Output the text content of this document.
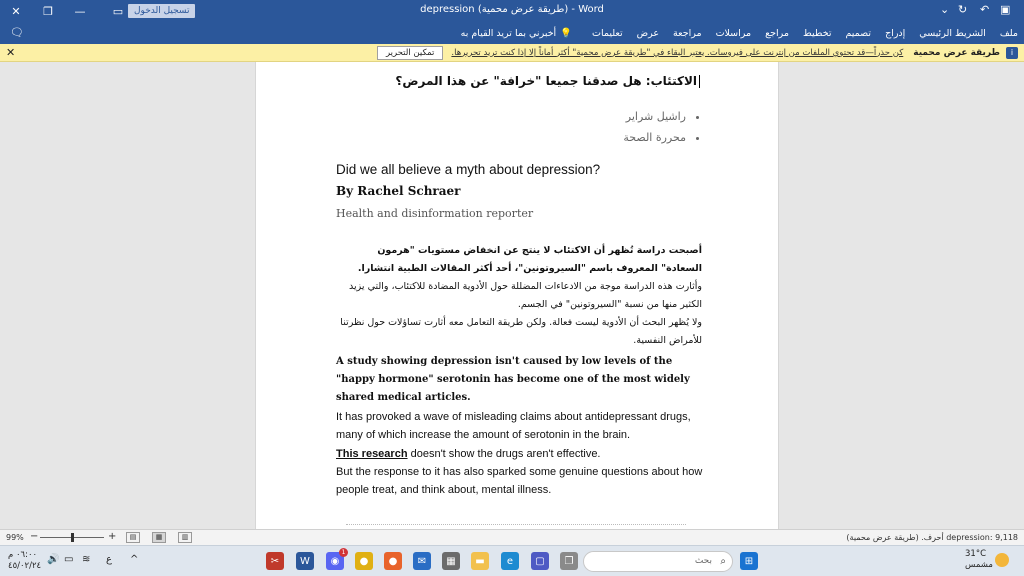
✕	❐	—	▭	تسجيل الدخول	depression (طريقة عرض محمية) - Word	⌄ ↻ ↶ ▣
ملف
الشريط الرئيسي
إدراج
تصميم
تخطيط
مراجع
مراسلات
مراجعة
عرض
تعليمات
💡
أخبرني بما تريد القيام به
🗨
i
طريقة عرض محمية
كن حذراً—قد تحتوي الملفات من إنترنت على فيروسات. يعتبر البقاء في "طريقة عرض محمية" أكثر أماناً إلا إذا كنت تريد تحريرها.
تمكين التحرير
✕
الاكتئاب: هل صدقنا جميعا "خرافة" عن هذا المرض؟
• راشيل شراير
• محررة الصحة
Did we all believe a myth about depression?
By Rachel Schraer
Health and disinformation reporter
أصبحت دراسة تُظهر أن الاكتئاب لا ينتج عن انخفاض مستويات "هرمون السعادة" المعروف باسم "السيروتونين"، أحد أكثر المقالات الطبية انتشارا.
وأثارت هذه الدراسة موجة من الادعاءات المضللة حول الأدوية المضادة للاكتئاب، والتي يزيد الكثير منها من نسبة "السيروتونين" في الجسم.
ولا يُظهر البحث أن الأدوية ليست فعالة. ولكن طريقة التعامل معه أثارت تساؤلات حول نظرتنا للأمراض النفسية.
A study showing depression isn't caused by low levels of the "happy hormone" serotonin has become one of the most widely shared medical articles.
It has provoked a wave of misleading claims about antidepressant drugs, many of which increase the amount of serotonin in the brain.
This research doesn't show the drugs aren't effective.
But the response to it has also sparked some genuine questions about how people treat, and think about, mental illness.
99% −	+	▤	▦	▥	depression: 9,118 أحرف. (طريقة عرض محمية)
٠٦:٠٠ م
٤٥/٠٢/٢٤
🔊 ▭ ≋ ع ^	✂	W	◉
1
●	●	✉	▦	▬	e	▢	❐	⌕
بحث	⊞
31°C
مشمس
